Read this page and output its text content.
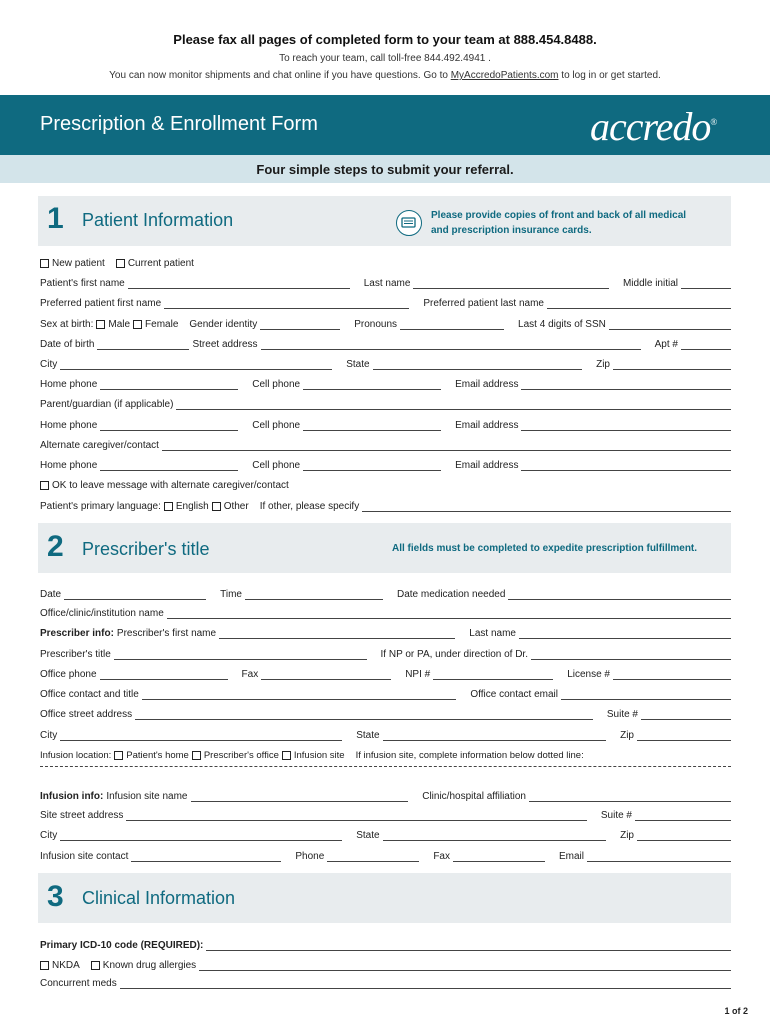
Please fax all pages of completed form to your team at 888.454.8488.
To reach your team, call toll-free 844.492.4941 .
You can now monitor shipments and chat online if you have questions. Go to MyAccredoPatients.com to log in or get started.
Prescription & Enrollment Form	accredo®
Four simple steps to submit your referral.
1 Patient Information	Please provide copies of front and back of all medical and prescription insurance cards.
New patient	Current patient
Patient's first name	Last name	Middle initial
Preferred patient first name	Preferred patient last name
Sex at birth:	Male	Female	Gender identity	Pronouns	Last 4 digits of SSN
Date of birth	Street address	Apt #
City	State	Zip
Home phone	Cell phone	Email address
Parent/guardian (if applicable)
Home phone	Cell phone	Email address
Alternate caregiver/contact
Home phone	Cell phone	Email address
OK to leave message with alternate caregiver/contact
Patient's primary language:	English	Other	If other, please specify
2 Prescriber's title	All fields must be completed to expedite prescription fulfillment.
Date	Time	Date medication needed
Office/clinic/institution name
Prescriber info: Prescriber's first name	Last name
Prescriber's title	If NP or PA, under direction of Dr.
Office phone	Fax	NPI #	License #
Office contact and title	Office contact email
Office street address	Suite #
City	State	Zip
Infusion location:	Patient's home	Prescriber's office	Infusion site	If infusion site, complete information below dotted line:
Infusion info: Infusion site name	Clinic/hospital affiliation
Site street address	Suite #
City	State	Zip
Infusion site contact	Phone	Fax	Email
3 Clinical Information
Primary ICD-10 code (REQUIRED):
NKDA	Known drug allergies
Concurrent meds
1 of 2
